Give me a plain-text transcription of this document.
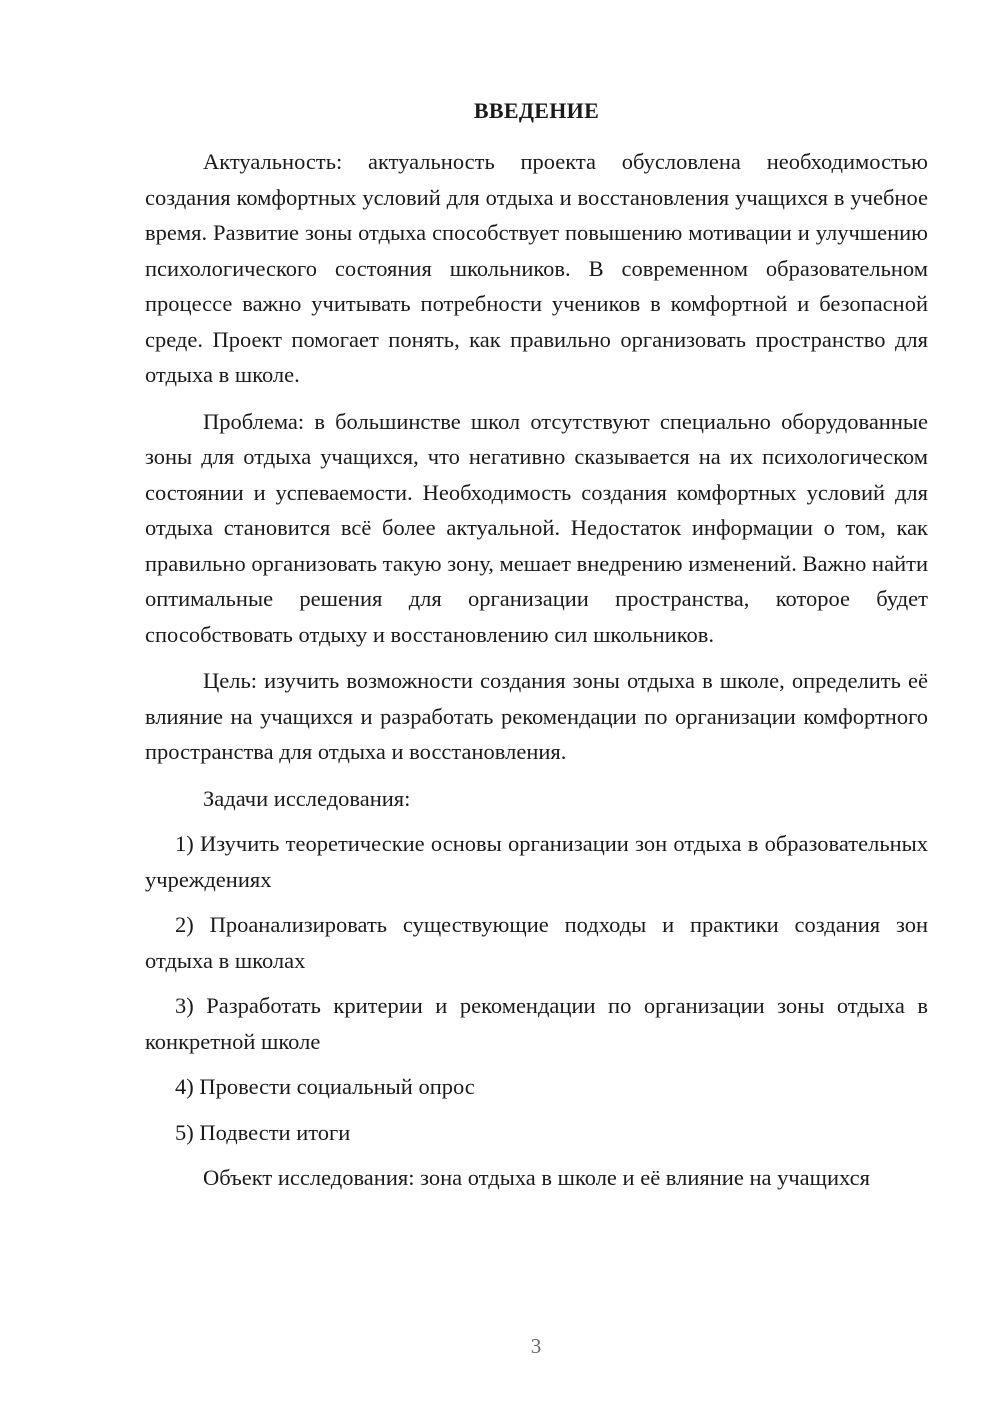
ВВЕДЕНИЕ

Актуальность: актуальность проекта обусловлена необходимостью создания комфортных условий для отдыха и восстановления учащихся в учебное время. Развитие зоны отдыха способствует повышению мотивации и улучшению психологического состояния школьников. В современном образовательном процессе важно учитывать потребности учеников в комфортной и безопасной среде. Проект помогает понять, как правильно организовать пространство для отдыха в школе.

Проблема: в большинстве школ отсутствуют специально оборудованные зоны для отдыха учащихся, что негативно сказывается на их психологическом состоянии и успеваемости. Необходимость создания комфортных условий для отдыха становится всё более актуальной. Недостаток информации о том, как правильно организовать такую зону, мешает внедрению изменений. Важно найти оптимальные решения для организации пространства, которое будет способствовать отдыху и восстановлению сил школьников.

Цель: изучить возможности создания зоны отдыха в школе, определить её влияние на учащихся и разработать рекомендации по организации комфортного пространства для отдыха и восстановления.

Задачи исследования:

1) Изучить теоретические основы организации зон отдыха в образовательных учреждениях

2) Проанализировать существующие подходы и практики создания зон отдыха в школах

3) Разработать критерии и рекомендации по организации зоны отдыха в конкретной школе

4) Провести социальный опрос

5) Подвести итоги

Объект исследования: зона отдыха в школе и её влияние на учащихся

3
